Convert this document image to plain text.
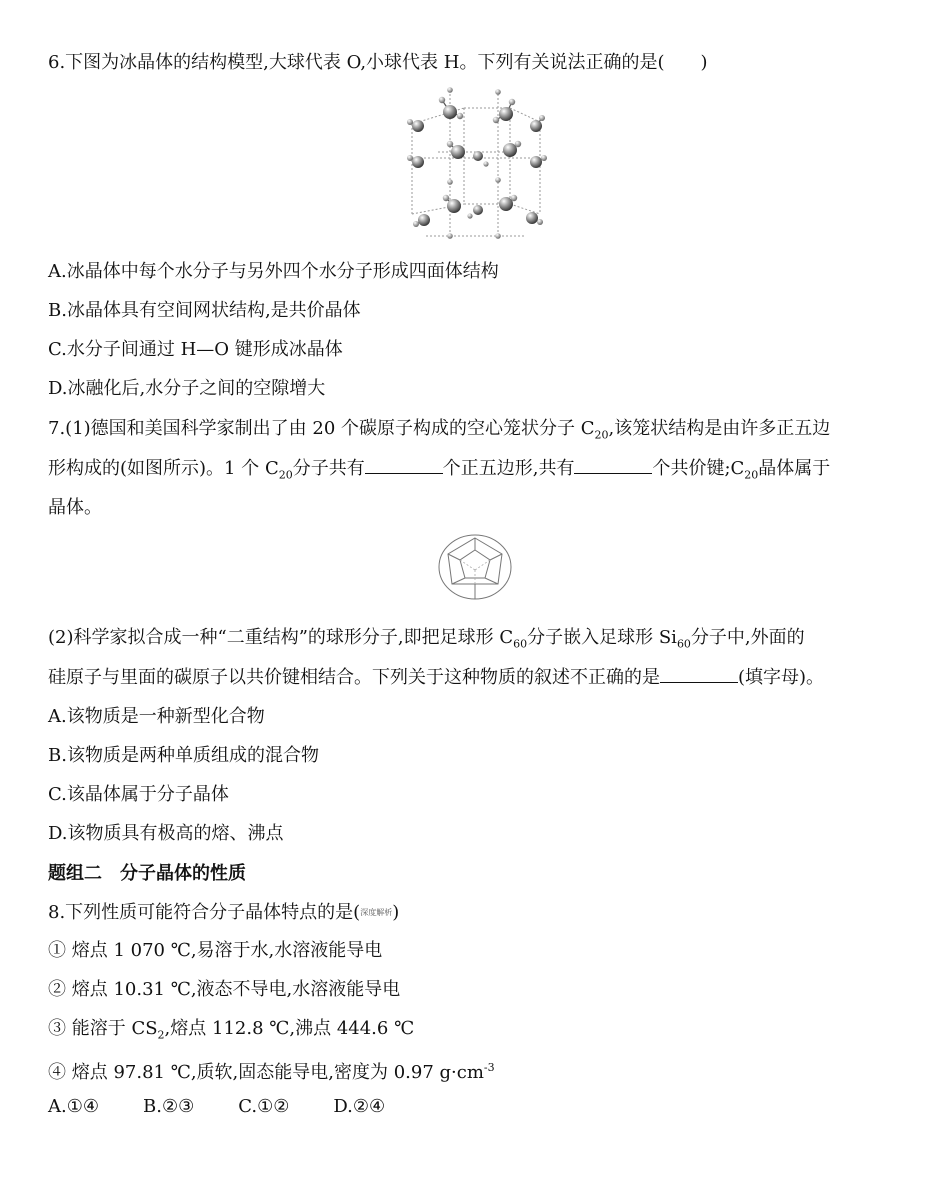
6.下图为冰晶体的结构模型,大球代表 O,小球代表 H。下列有关说法正确的是(　　)
A.冰晶体中每个水分子与另外四个水分子形成四面体结构
B.冰晶体具有空间网状结构,是共价晶体
C.水分子间通过 H—O 键形成冰晶体
D.冰融化后,水分子之间的空隙增大
7.(1)德国和美国科学家制出了由 20 个碳原子构成的空心笼状分子 $C_{20}$,该笼状结构是由许多正五边
形构成的(如图所示)。1 个 $C_{20}$分子共有	个正五边形,共有	个共价键$;C_{20}$晶体属于
晶体。
(2)科学家拟合成一种“二重结构”的球形分子,即把足球形 $C_{60}$分子嵌入足球形 $Si_{60}$分子中,外面的
硅原子与里面的碳原子以共价键相结合。下列关于这种物质的叙述不正确的是	(填字母)。
A.该物质是一种新型化合物
B.该物质是两种单质组成的混合物
C.该晶体属于分子晶体
D.该物质具有极高的熔、沸点
题组二　分子晶体的性质
8.下列性质可能符合分子晶体特点的是(深度解析)
① 熔点 1 070 ℃,易溶于水,水溶液能导电
② 熔点 10.31 ℃,液态不导电,水溶液能导电
③ 能溶于 $CS_2$,熔点 112.8 ℃,沸点 444.6 ℃
④ 熔点 97.81 ℃,质软,固态能导电,密度为 0.97 $g\cdot cm^{-3}$
A.①④ B.②③ C.①② D.②④
